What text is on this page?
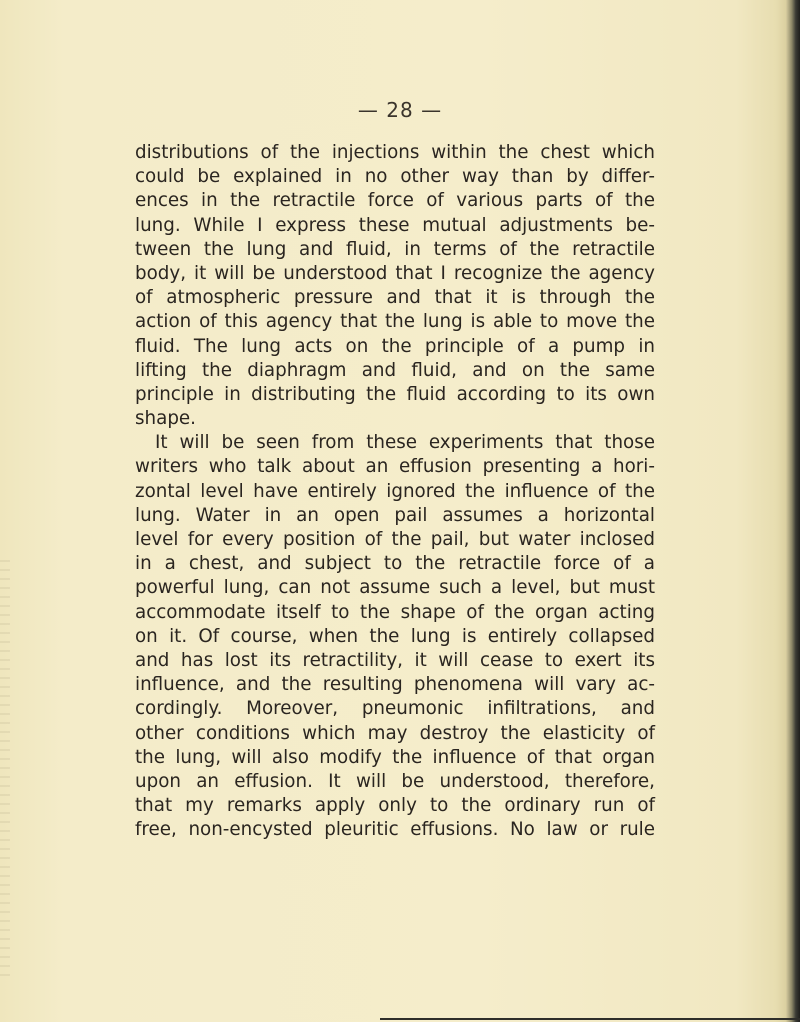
— 28 —
distributions of the injections within the chest which
could be explained in no other way than by differ-
ences in the retractile force of various parts of the
lung. While I express these mutual adjustments be-
tween the lung and fluid, in terms of the retractile
body, it will be understood that I recognize the agency
of atmospheric pressure and that it is through the
action of this agency that the lung is able to move the
fluid. The lung acts on the principle of a pump in
lifting the diaphragm and fluid, and on the same
principle in distributing the fluid according to its own
shape.
It will be seen from these experiments that those
writers who talk about an effusion presenting a hori-
zontal level have entirely ignored the influence of the
lung. Water in an open pail assumes a horizontal
level for every position of the pail, but water inclosed
in a chest, and subject to the retractile force of a
powerful lung, can not assume such a level, but must
accommodate itself to the shape of the organ acting
on it. Of course, when the lung is entirely collapsed
and has lost its retractility, it will cease to exert its
influence, and the resulting phenomena will vary ac-
cordingly. Moreover, pneumonic infiltrations, and
other conditions which may destroy the elasticity of
the lung, will also modify the influence of that organ
upon an effusion. It will be understood, therefore,
that my remarks apply only to the ordinary run of
free, non-encysted pleuritic effusions. No law or rule
